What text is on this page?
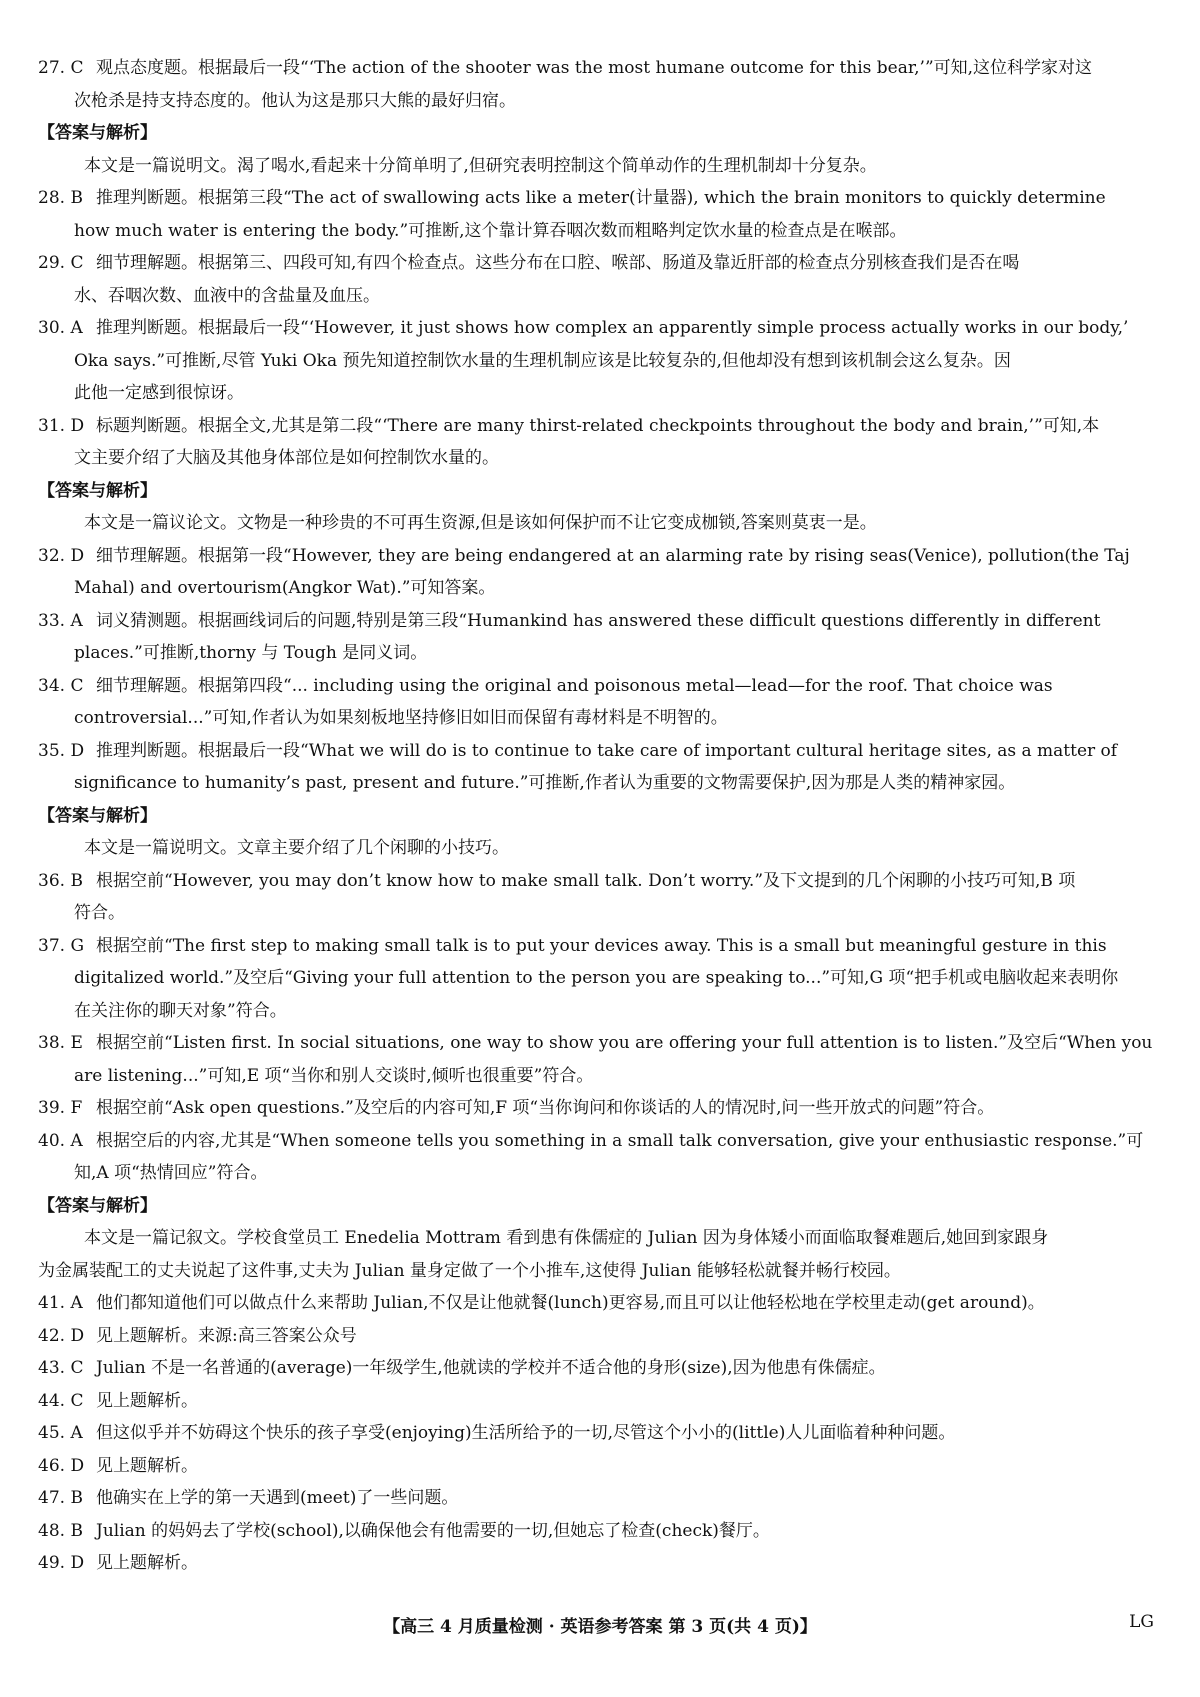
27. C 观点态度题。根据最后一段“‘The action of the shooter was the most humane outcome for this bear,’”可知,这位科学家对这
次枪杀是持支持态度的。他认为这是那只大熊的最好归宿。
【答案与解析】
本文是一篇说明文。渴了喝水,看起来十分简单明了,但研究表明控制这个简单动作的生理机制却十分复杂。
28. B 推理判断题。根据第三段“The act of swallowing acts like a meter(计量器), which the brain monitors to quickly determine
how much water is entering the body.”可推断,这个靠计算吞咽次数而粗略判定饮水量的检查点是在喉部。
29. C 细节理解题。根据第三、四段可知,有四个检查点。这些分布在口腔、喉部、肠道及靠近肝部的检查点分别核查我们是否在喝
水、吞咽次数、血液中的含盐量及血压。
30. A 推理判断题。根据最后一段“‘However, it just shows how complex an apparently simple process actually works in our body,’
Oka says.”可推断,尽管 Yuki Oka 预先知道控制饮水量的生理机制应该是比较复杂的,但他却没有想到该机制会这么复杂。因
此他一定感到很惊讶。
31. D 标题判断题。根据全文,尤其是第二段“‘There are many thirst-related checkpoints throughout the body and brain,’”可知,本
文主要介绍了大脑及其他身体部位是如何控制饮水量的。
【答案与解析】
本文是一篇议论文。文物是一种珍贵的不可再生资源,但是该如何保护而不让它变成枷锁,答案则莫衷一是。
32. D 细节理解题。根据第一段“However, they are being endangered at an alarming rate by rising seas(Venice), pollution(the Taj
Mahal) and overtourism(Angkor Wat).”可知答案。
33. A 词义猜测题。根据画线词后的问题,特别是第三段“Humankind has answered these difficult questions differently in different
places.”可推断,thorny 与 Tough 是同义词。
34. C 细节理解题。根据第四段“... including using the original and poisonous metal—lead—for the roof. That choice was
controversial...”可知,作者认为如果刻板地坚持修旧如旧而保留有毒材料是不明智的。
35. D 推理判断题。根据最后一段“What we will do is to continue to take care of important cultural heritage sites, as a matter of
significance to humanity’s past, present and future.”可推断,作者认为重要的文物需要保护,因为那是人类的精神家园。
【答案与解析】
本文是一篇说明文。文章主要介绍了几个闲聊的小技巧。
36. B 根据空前“However, you may don’t know how to make small talk. Don’t worry.”及下文提到的几个闲聊的小技巧可知,B 项
符合。
37. G 根据空前“The first step to making small talk is to put your devices away. This is a small but meaningful gesture in this
digitalized world.”及空后“Giving your full attention to the person you are speaking to...”可知,G 项“把手机或电脑收起来表明你
在关注你的聊天对象”符合。
38. E 根据空前“Listen first. In social situations, one way to show you are offering your full attention is to listen.”及空后“When you
are listening...”可知,E 项“当你和别人交谈时,倾听也很重要”符合。
39. F 根据空前“Ask open questions.”及空后的内容可知,F 项“当你询问和你谈话的人的情况时,问一些开放式的问题”符合。
40. A 根据空后的内容,尤其是“When someone tells you something in a small talk conversation, give your enthusiastic response.”可
知,A 项“热情回应”符合。
【答案与解析】
本文是一篇记叙文。学校食堂员工 Enedelia Mottram 看到患有侏儒症的 Julian 因为身体矮小而面临取餐难题后,她回到家跟身
为金属装配工的丈夫说起了这件事,丈夫为 Julian 量身定做了一个小推车,这使得 Julian 能够轻松就餐并畅行校园。
41. A 他们都知道他们可以做点什么来帮助 Julian,不仅是让他就餐(lunch)更容易,而且可以让他轻松地在学校里走动(get around)。
42. D 见上题解析。来源:高三答案公众号
43. C Julian 不是一名普通的(average)一年级学生,他就读的学校并不适合他的身形(size),因为他患有侏儒症。
44. C 见上题解析。
45. A 但这似乎并不妨碍这个快乐的孩子享受(enjoying)生活所给予的一切,尽管这个小小的(little)人儿面临着种种问题。
46. D 见上题解析。
47. B 他确实在上学的第一天遇到(meet)了一些问题。
48. B Julian 的妈妈去了学校(school),以确保他会有他需要的一切,但她忘了检查(check)餐厅。
49. D 见上题解析。
【高三 4 月质量检测 · 英语参考答案 第 3 页(共 4 页)】	LG
